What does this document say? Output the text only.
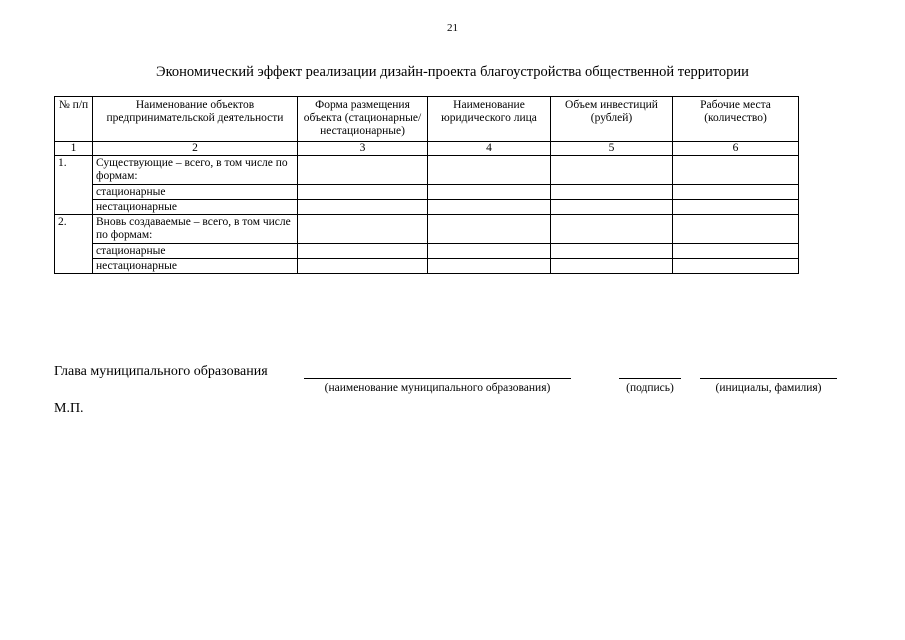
21
Экономический эффект реализации дизайн-проекта благоустройства общественной территории
№ п/п	Наименование объектов предпринимательской деятельности	Форма размещения объекта (стационарные/ нестационарные)	Наименование юридического лица	Объем инвестиций (рублей)	Рабочие места (количество)
1	2	3	4	5	6
1.	Существующие – всего, в том числе по формам:				
	стационарные				
	нестационарные				
2.	Вновь создаваемые – всего, в том числе по формам:				
	стационарные				
	нестационарные				
Глава муниципального образования
(наименование муниципального образования)	(подпись)	(инициалы, фамилия)
М.П.
